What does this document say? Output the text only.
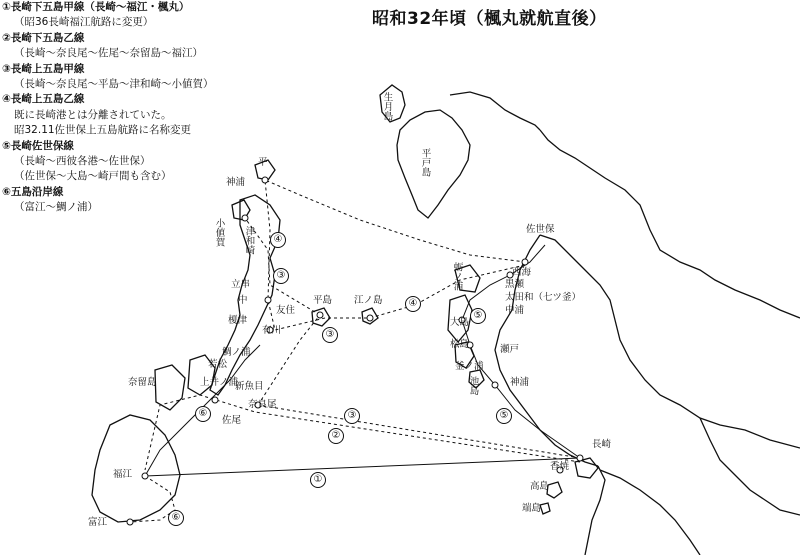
昭和32年頃（楓丸就航直後）
①長崎下五島甲線（長崎～福江・楓丸）
（昭36長崎福江航路に変更）
②長崎下五島乙線
（長崎～奈良尾～佐尾～奈留島～福江）
③長崎上五島甲線
（長崎～奈良尾～平島～津和崎～小値賀）
④長崎上五島乙線
既に長崎港とは分離されていた。
昭32.11佐世保上五島航路に名称変更
⑤長崎佐世保線
（長崎～西彼各港～佐世保）
（佐世保～大島～崎戸間も含む）
⑥五島沿岸線
（富江～鯛ノ浦）
長崎
福江
富江
奈留島
佐尾
奈良尾
若松
上井ノ浦
新魚目
鯛ノ浦
有川
榎津
友住
中
立串
小値賀 津和崎
平島 江ノ島
神浦
平	平戸島
生月島
佐世保
西海
黒瀬
太田和（七ツ釜）
中浦
蛎ノ浦
大島
松島	瀬戸
釜ノ浦
池島	神浦
香焼
高島
端島
①
②
③
③
③
④
④
⑤
⑤
⑥
⑥
